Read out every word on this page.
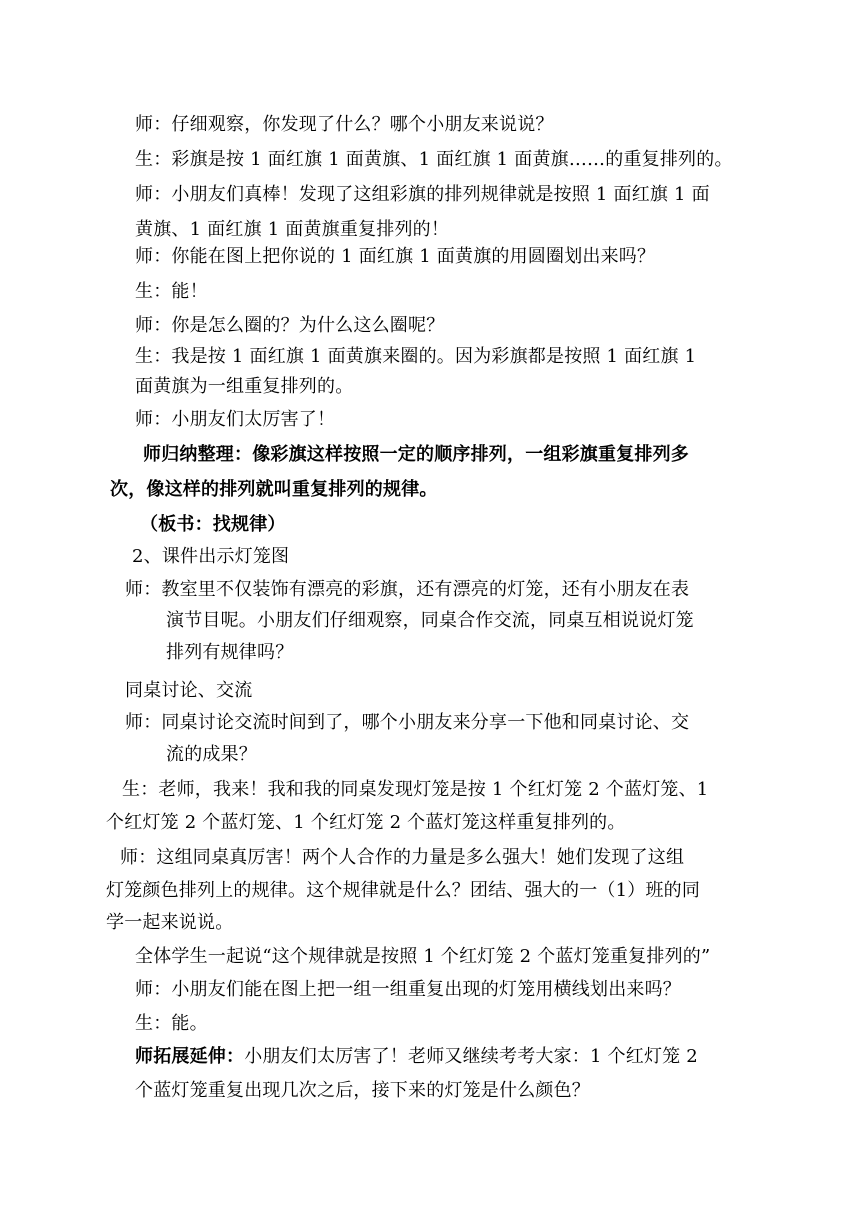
师：仔细观察，你发现了什么？哪个小朋友来说说？
生：彩旗是按 1 面红旗 1 面黄旗、1 面红旗 1 面黄旗……的重复排列的。
师：小朋友们真棒！发现了这组彩旗的排列规律就是按照 1 面红旗 1 面
黄旗、1 面红旗 1 面黄旗重复排列的！
师：你能在图上把你说的 1 面红旗 1 面黄旗的用圆圈划出来吗？
生：能！
师：你是怎么圈的？为什么这么圈呢？
生：我是按 1 面红旗 1 面黄旗来圈的。因为彩旗都是按照 1 面红旗 1
面黄旗为一组重复排列的。
师：小朋友们太厉害了！
师归纳整理：像彩旗这样按照一定的顺序排列，一组彩旗重复排列多
次，像这样的排列就叫重复排列的规律。
（板书：找规律）
2、课件出示灯笼图
师：教室里不仅装饰有漂亮的彩旗，还有漂亮的灯笼，还有小朋友在表
演节目呢。小朋友们仔细观察，同桌合作交流，同桌互相说说灯笼
排列有规律吗？
同桌讨论、交流
师：同桌讨论交流时间到了，哪个小朋友来分享一下他和同桌讨论、交
流的成果？
生：老师，我来！我和我的同桌发现灯笼是按 1 个红灯笼 2 个蓝灯笼、1
个红灯笼 2 个蓝灯笼、1 个红灯笼 2 个蓝灯笼这样重复排列的。
师：这组同桌真厉害！两个人合作的力量是多么强大！她们发现了这组
灯笼颜色排列上的规律。这个规律就是什么？团结、强大的一（1）班的同
学一起来说说。
全体学生一起说“这个规律就是按照 1 个红灯笼 2 个蓝灯笼重复排列的”
师：小朋友们能在图上把一组一组重复出现的灯笼用横线划出来吗？
生：能。
师拓展延伸：小朋友们太厉害了！老师又继续考考大家：1 个红灯笼 2
个蓝灯笼重复出现几次之后，接下来的灯笼是什么颜色？
